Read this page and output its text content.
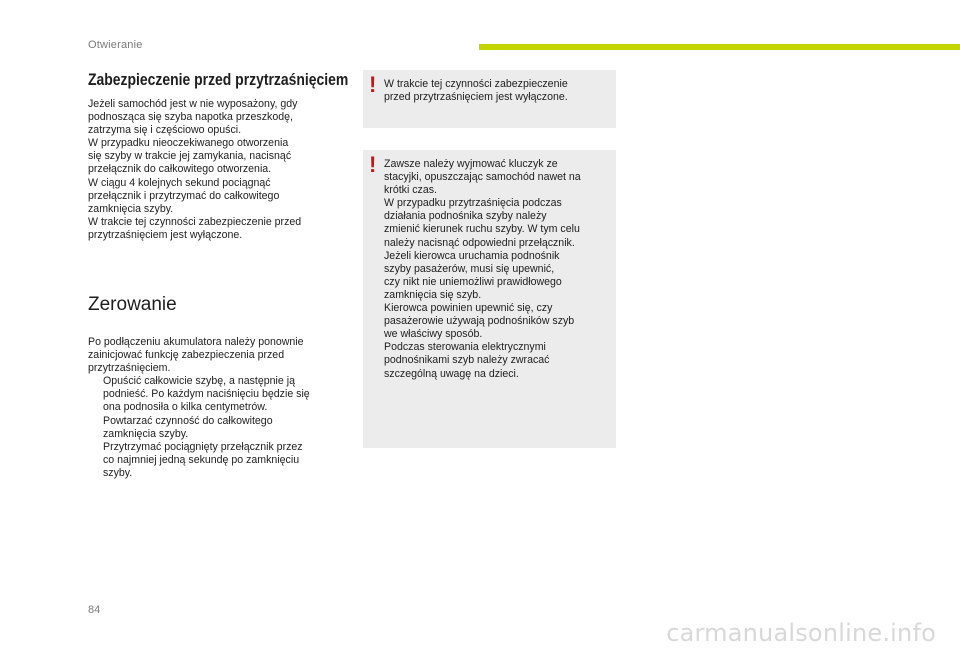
Otwieranie
Zabezpieczenie przed przytrzaśnięciem

Jeżeli samochód jest w nie wyposażony, gdy

podnosząca się szyba napotka przeszkodę,

zatrzyma się i częściowo opuści.

W przypadku nieoczekiwanego otworzenia

się szyby w trakcie jej zamykania, nacisnąć

przełącznik do całkowitego otworzenia.

W ciągu 4 kolejnych sekund pociągnąć

przełącznik i przytrzymać do całkowitego

zamknięcia szyby.

W trakcie tej czynności zabezpieczenie przed

przytrzaśnięciem jest wyłączone.

Zerowanie

Po podłączeniu akumulatora należy ponownie

zainicjować funkcję zabezpieczenia przed

przytrzaśnięciem.

Opuścić całkowicie szybę, a następnie ją

podnieść. Po każdym naciśnięciu będzie się

ona podnosiła o kilka centymetrów.

Powtarzać czynność do całkowitego

zamknięcia szyby.

Przytrzymać pociągnięty przełącznik przez

co najmniej jedną sekundę po zamknięciu

szyby.

! W trakcie tej czynności zabezpieczenie

przed przytrzaśnięciem jest wyłączone.

! Zawsze należy wyjmować kluczyk ze

stacyjki, opuszczając samochód nawet na

krótki czas.

W przypadku przytrzaśnięcia podczas

działania podnośnika szyby należy

zmienić kierunek ruchu szyby. W tym celu

należy nacisnąć odpowiedni przełącznik.

Jeżeli kierowca uruchamia podnośnik

szyby pasażerów, musi się upewnić,

czy nikt nie uniemożliwi prawidłowego

zamknięcia się szyb.

Kierowca powinien upewnić się, czy

pasażerowie używają podnośników szyb

we właściwy sposób.

Podczas sterowania elektrycznymi

podnośnikami szyb należy zwracać

szczególną uwagę na dzieci.

84
carmanualsonline.info
